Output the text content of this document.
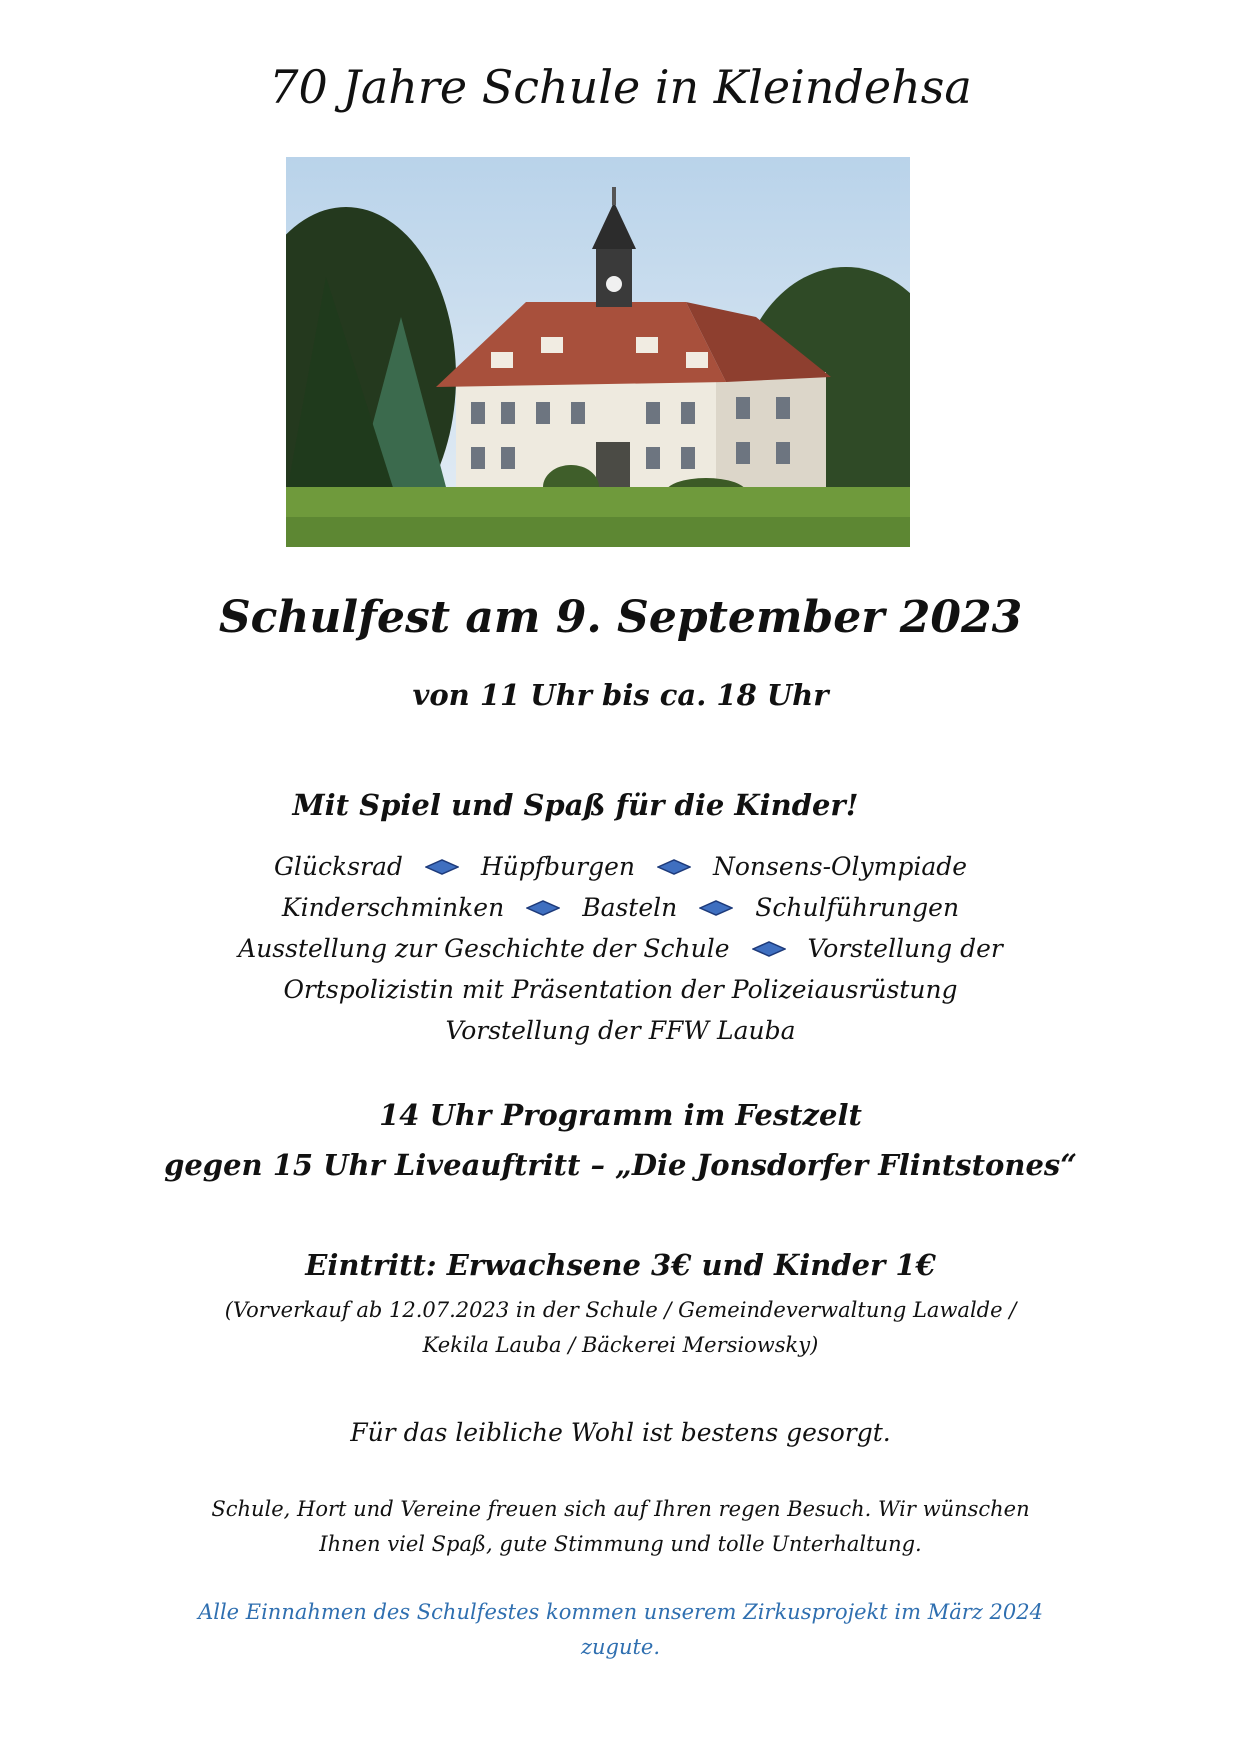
70 Jahre Schule in Kleindehsa
Schulfest am 9. September 2023
von 11 Uhr bis ca. 18 Uhr
Mit Spiel und Spaß für die Kinder!
Glücksrad	Hüpfburgen	Nonsens-Olympiade
Kinderschminken	Basteln	Schulführungen
Ausstellung zur Geschichte der Schule	Vorstellung der
Ortspolizistin mit Präsentation der Polizeiausrüstung
Vorstellung der FFW Lauba
14 Uhr Programm im Festzelt
gegen 15 Uhr Liveauftritt – „Die Jonsdorfer Flintstones“
Eintritt: Erwachsene 3€ und Kinder 1€
(Vorverkauf ab 12.07.2023 in der Schule / Gemeindeverwaltung Lawalde /
Kekila Lauba / Bäckerei Mersiowsky)
Für das leibliche Wohl ist bestens gesorgt.
Schule, Hort und Vereine freuen sich auf Ihren regen Besuch. Wir wünschen
Ihnen viel Spaß, gute Stimmung und tolle Unterhaltung.
Alle Einnahmen des Schulfestes kommen unserem Zirkusprojekt im März 2024
zugute.
